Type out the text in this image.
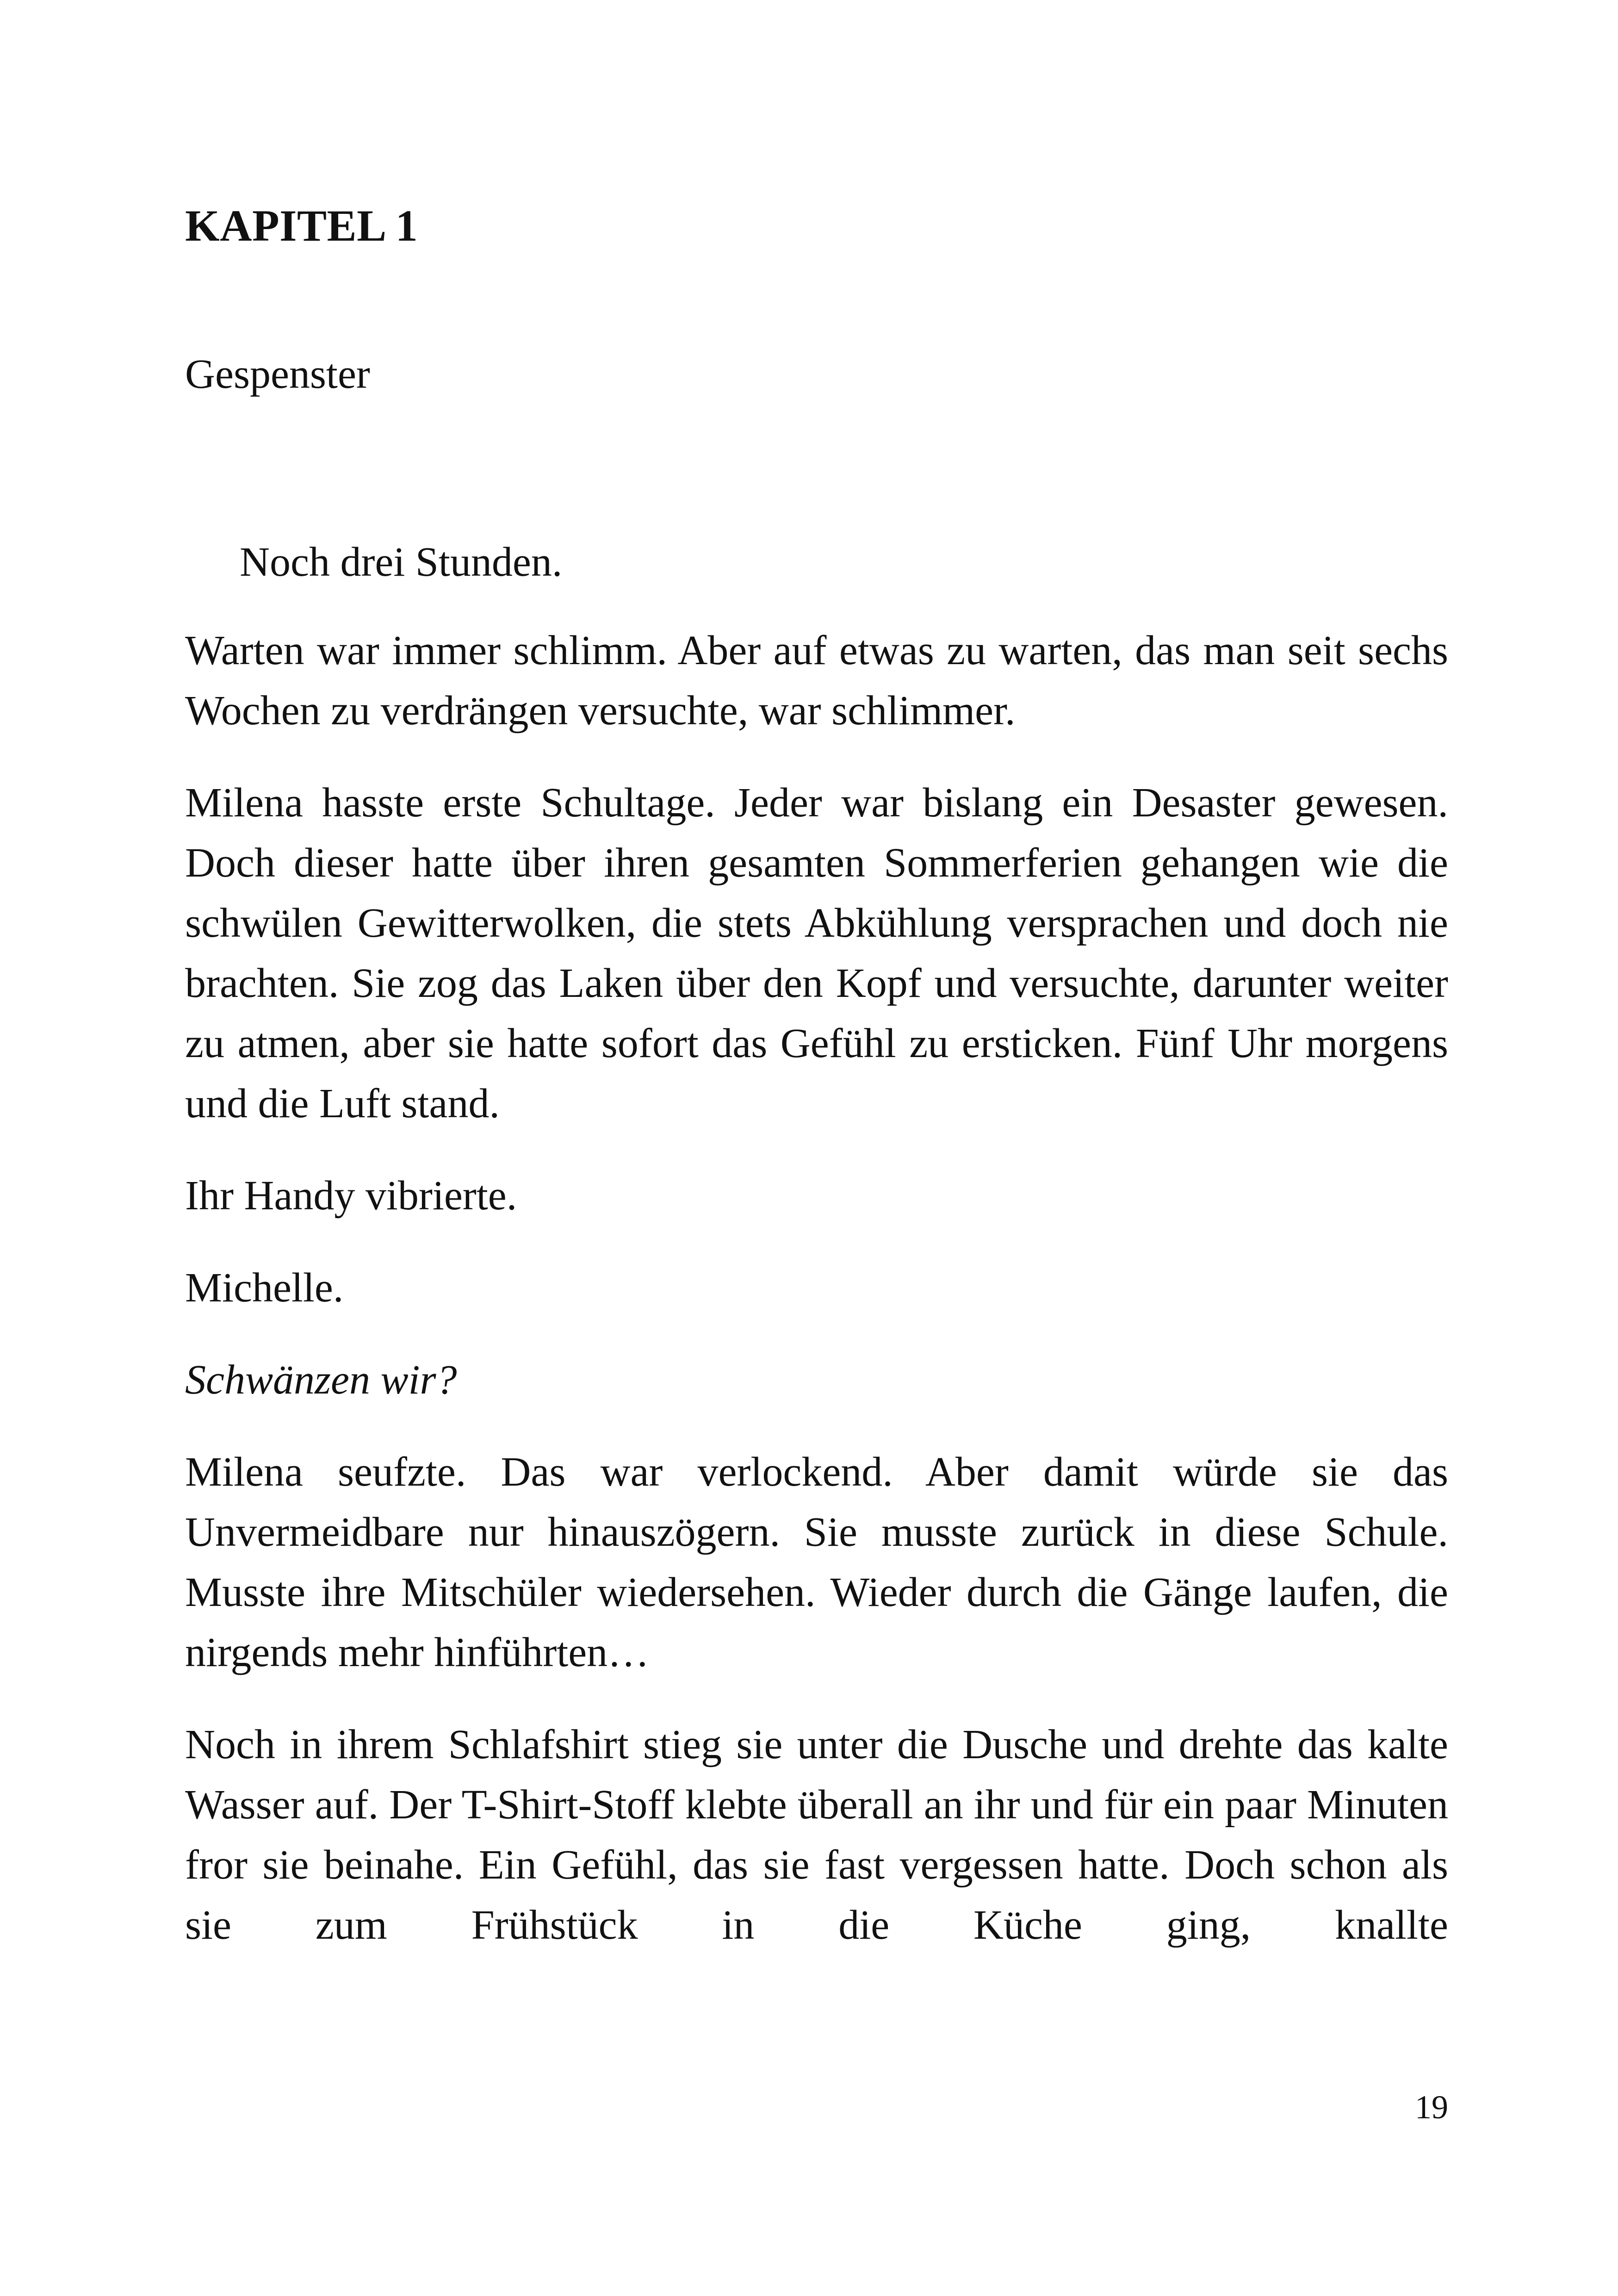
KAPITEL 1
Gespenster

Noch drei Stunden.

Warten war immer schlimm. Aber auf etwas zu warten, das man seit sechs Wochen zu verdrängen versuchte, war schlimmer.

Milena hasste erste Schultage. Jeder war bislang ein Desaster gewesen. Doch dieser hatte über ihren gesamten Sommerferien gehangen wie die schwülen Gewitterwolken, die stets Abkühlung versprachen und doch nie brachten. Sie zog das Laken über den Kopf und versuchte, darunter weiter zu atmen, aber sie hatte sofort das Gefühl zu ersticken. Fünf Uhr morgens und die Luft stand.

Ihr Handy vibrierte.

Michelle.

Schwänzen wir?

Milena seufzte. Das war verlockend. Aber damit würde sie das Unvermeidbare nur hinauszögern. Sie musste zurück in diese Schule. Musste ihre Mitschüler wiedersehen. Wieder durch die Gänge laufen, die nirgends mehr hinführten…

Noch in ihrem Schlafshirt stieg sie unter die Dusche und drehte das kalte Wasser auf. Der T-Shirt-Stoff klebte überall an ihr und für ein paar Minuten fror sie beinahe. Ein Gefühl, das sie fast vergessen hatte. Doch schon als sie zum Frühstück in die Küche ging, knallte

19
